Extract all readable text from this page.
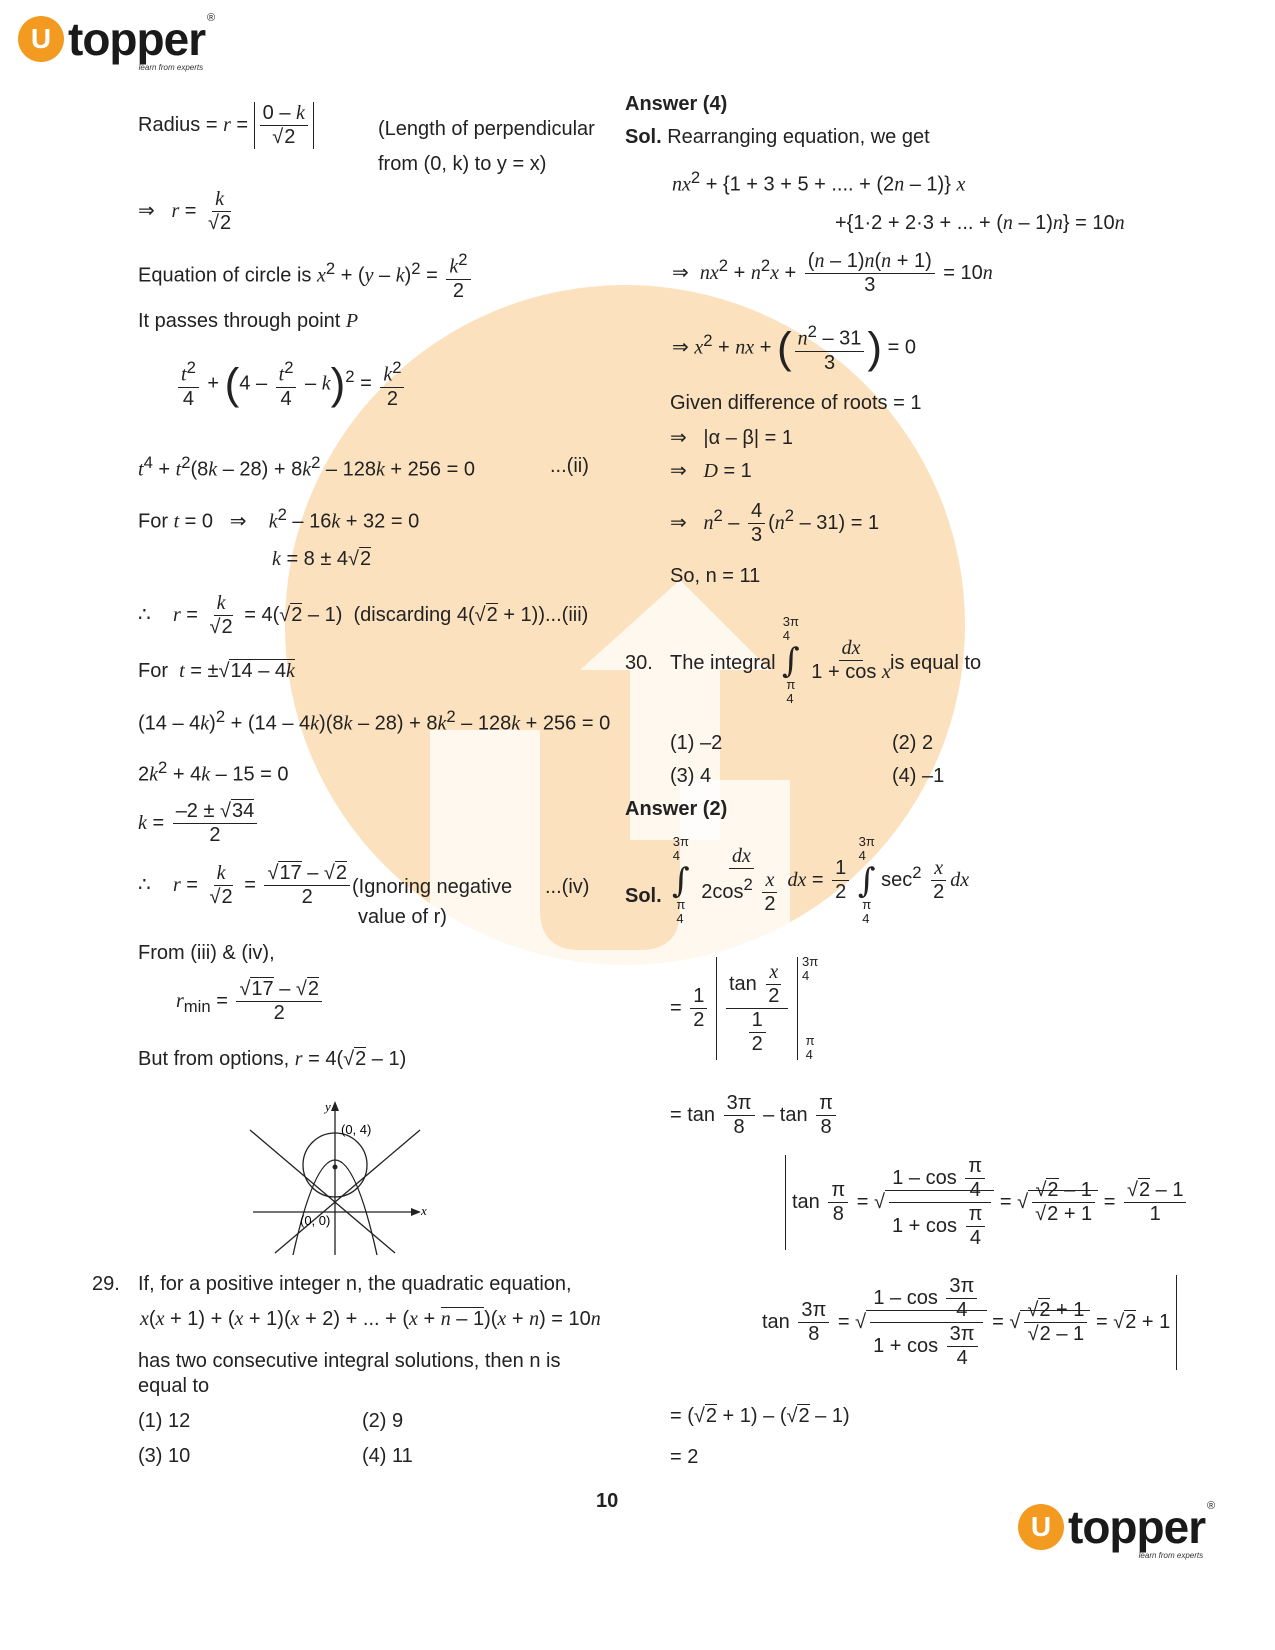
U topper
learn from experts
®
Radius = $r = \frac{0 - k}{√2}$	(Length of perpendicular
from (0, k) to y = x)
⇒   $r = \frac{k}{√2}$
Equation of circle is $x^2 + (y - k)^2 = \frac{k^2}{2}$
It passes through point P
$\frac{t^2}{4} + (4 - \frac{t^2}{4} - k)^2 = \frac{k^2}{2}$
$t^4 + t^2(8k - 28) + 8k^2 - 128k + 256 = 0$	...(ii)
For t = 0   ⇒    $k^2 - 16k + 32 = 0$
k = 8 ± 4√2
∴    $r = \frac{k}{√2} = 4(√2 - 1)$  (discarding 4(√2 + 1)) ...(iii)
For  t = ±√14 – 4k
$(14 - 4k)^2 + (14 - 4k)(8k - 28) + 8k^2 - 128k + 256 = 0$
$2k^2 + 4k - 15 = 0$
$k = \frac{-2 \pm √34}{2}$
∴    $r = \frac{k}{√2} = \frac{√17 - √2}{2}$ (Ignoring negative
value of r)
...(iv)
From (iii) & (iv),
$r_{min} = \frac{√17 - √2}{2}$
But from options, r = 4(√2 – 1)
y
x
(0, 4)
(0, 0)
29. If, for a positive integer n, the quadratic equation,
x(x + 1) + (x + 1)(x + 2) + ... + (x + n – 1)(x + n) = 10n
has two consecutive integral solutions, then n is
equal to
(1) 12	(2) 9
(3) 10	(4) 11
Answer (4)
Sol. Rearranging equation, we get
$nx^2 + \{1 + 3 + 5$ + .... + (2n – 1)} x
+{1·2 + 2·3 + ... + (n – 1)n} = 10n
⇒  $nx^2 + n^2x + \frac{(n - 1)n(n + 1)}{3} = 10n$
⇒ $x^2$ + nx + ( $\frac{n^2 - 31}{3}$ ) = 0
Given difference of roots = 1
⇒   |α – β| = 1
⇒   D = 1
⇒   $n^2 - \frac{4}{3} (n^2 - 31) = 1$
So, n = 11
30. The integral
3π
4
∫
π
4

$\frac{dx}{\text{1 + cos x}}$
is equal to
(1) –2	(2) 2
(3) 4	(4) –1
Answer (2)
Sol.
3π
4
∫
π
4

$\frac{dx}{2\cos^2 \frac{x}{2}}$ dx = $\frac{1}{2}$

3π
4
∫
π
4
$\sec^2 \frac{x}{2}$ dx
= $\frac{1}{2}$
$\frac{\tan \frac{x}{2}}{\frac{1}{2}}$
3π
4
π
4
= $\tan \frac{3\pi}{8}$ – $\tan \frac{\pi}{8}$
$\tan \frac{\pi}{8}$ = √ $\frac{1 - \cos \frac{\pi}{4}}{1 + \cos \frac{\pi}{4}}$ = √ $\frac{√2 - 1}{√2 + 1} = \frac{√2 - 1}{1}$
$\tan \frac{3\pi}{8}$ = √ $\frac{1 - \cos \frac{3\pi}{4}}{1 + \cos \frac{3\pi}{4}}$ = √ $\frac{√2 + 1}{√2 - 1} = √2 + 1$
= (√2 + 1) – (√2 – 1)
= 2
10
U topper
learn from experts
®
